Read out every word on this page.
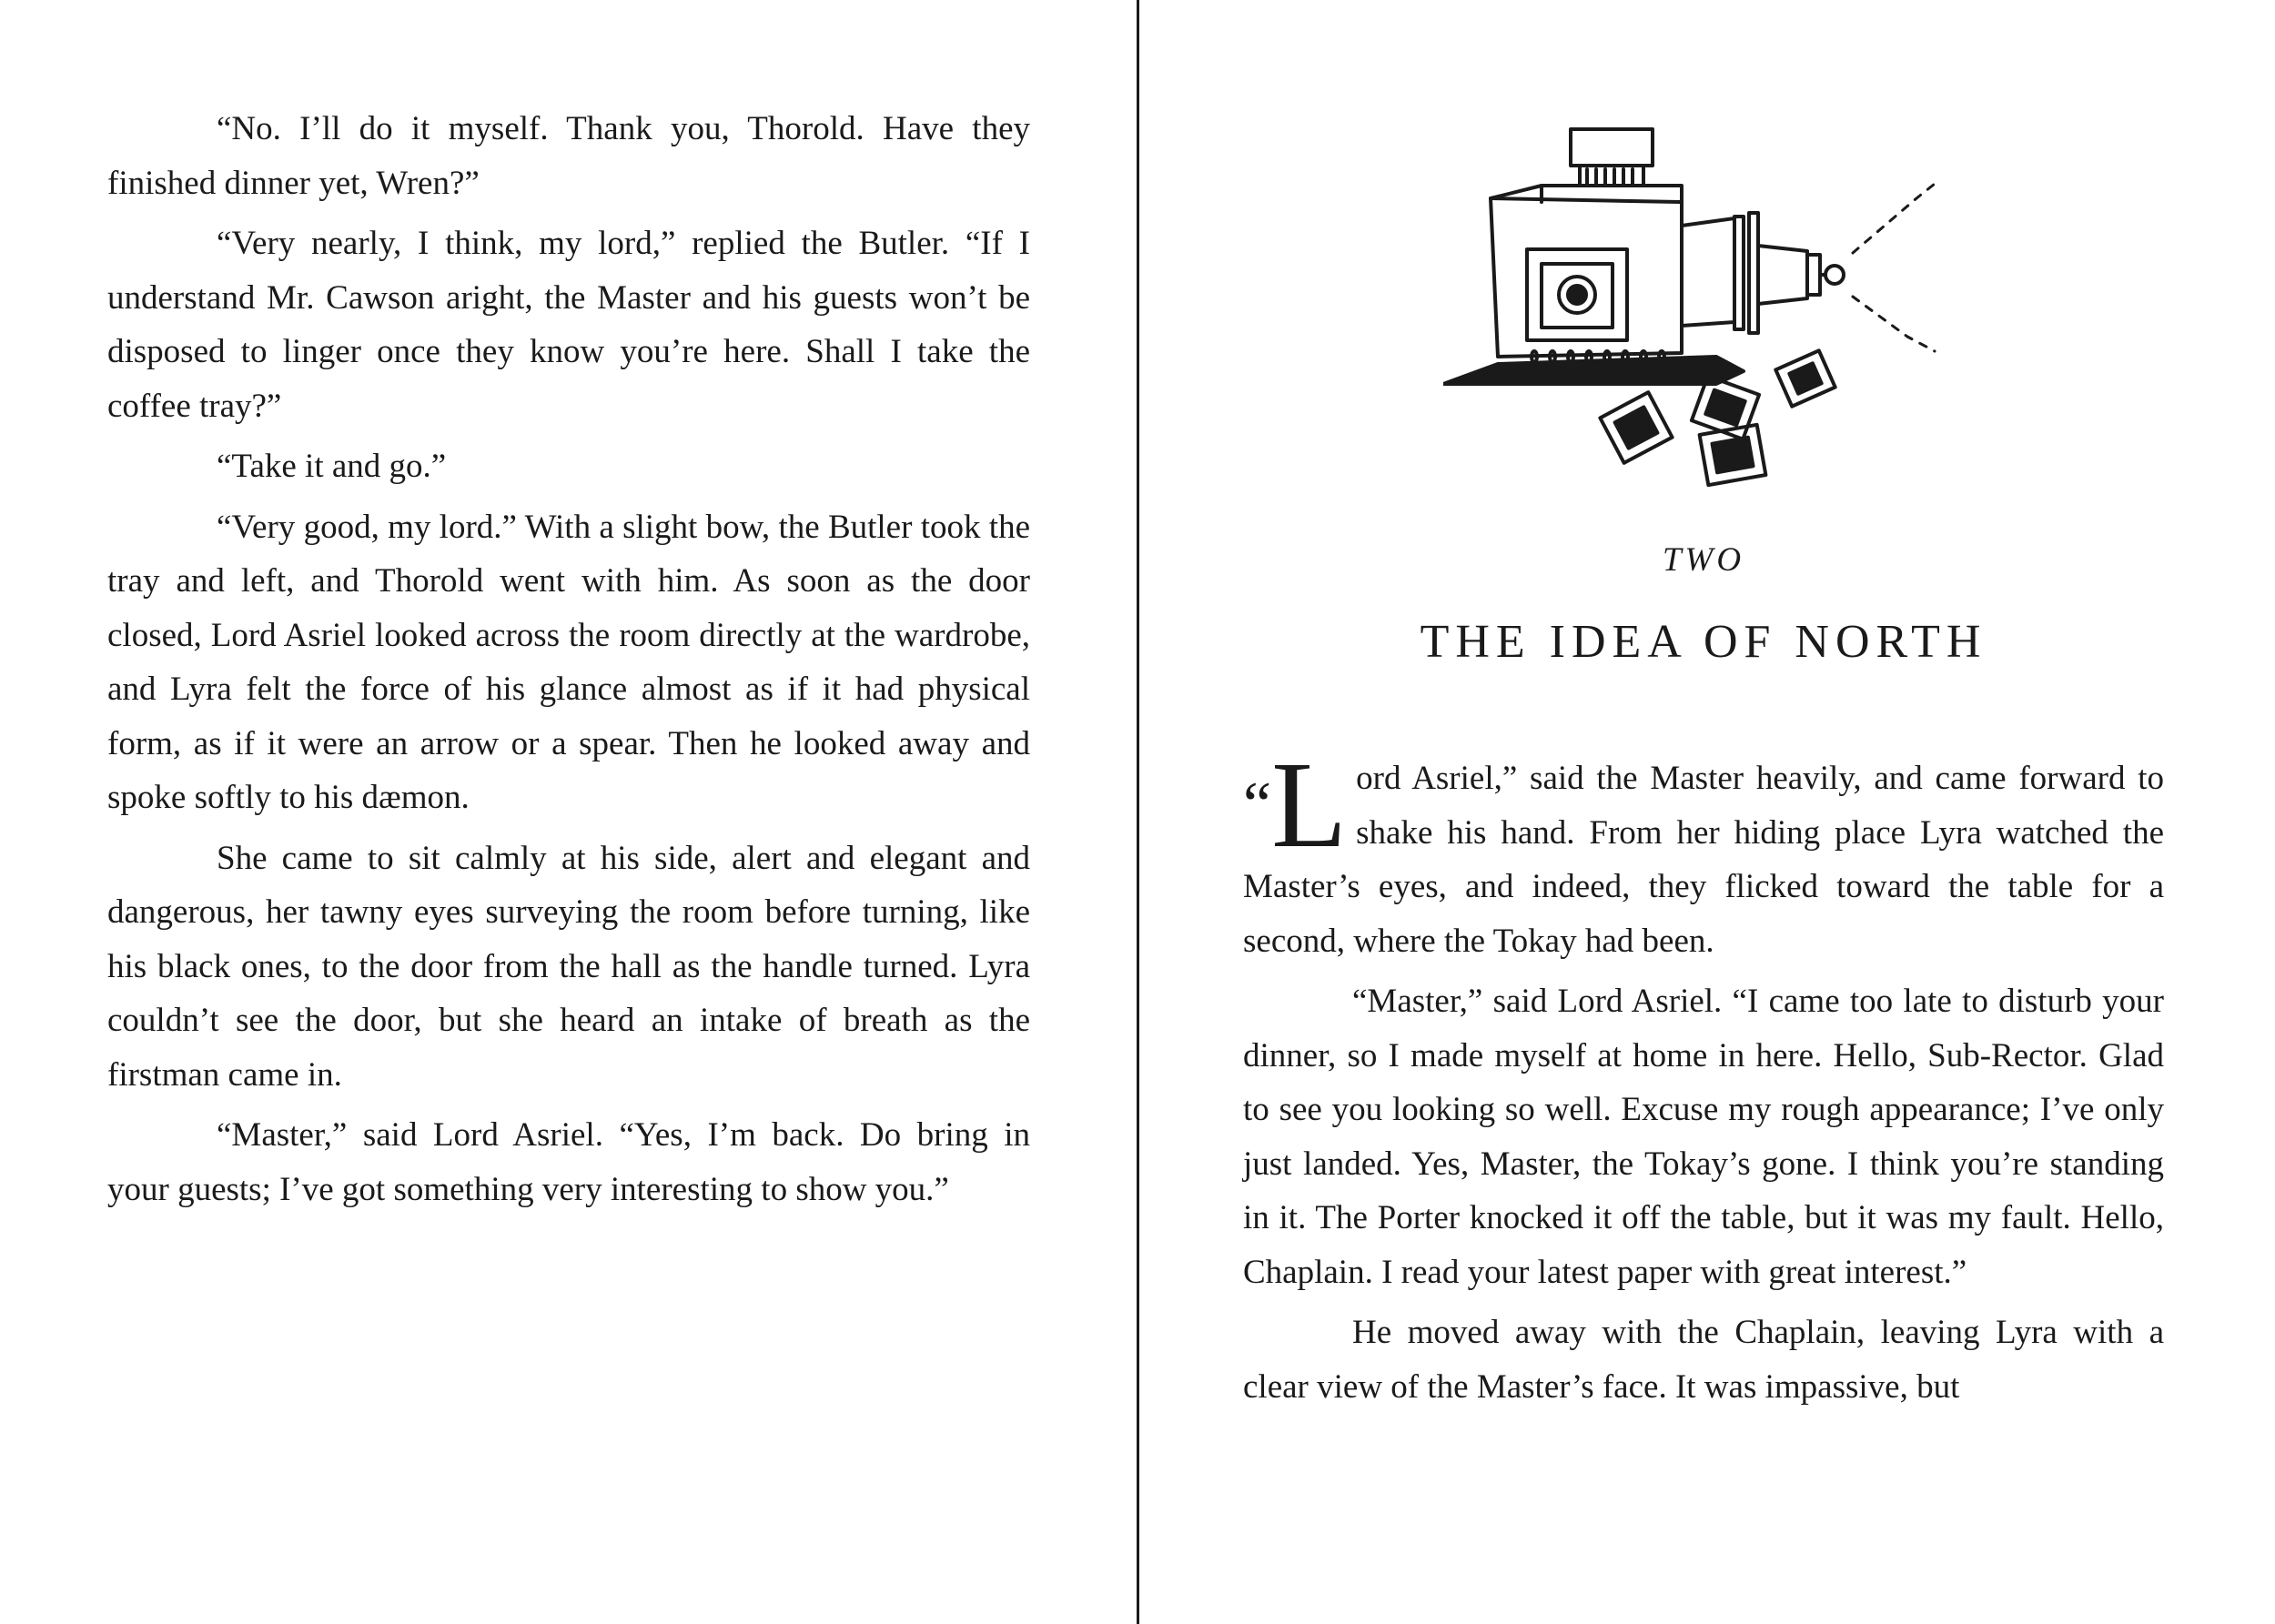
“No. I’ll do it myself. Thank you, Thorold. Have they finished dinner yet, Wren?”

“Very nearly, I think, my lord,” replied the Butler. “If I understand Mr. Cawson aright, the Master and his guests won’t be disposed to linger once they know you’re here. Shall I take the coffee tray?”

“Take it and go.”

“Very good, my lord.” With a slight bow, the Butler took the tray and left, and Thorold went with him. As soon as the door closed, Lord Asriel looked across the room directly at the wardrobe, and Lyra felt the force of his glance almost as if it had physical form, as if it were an arrow or a spear. Then he looked away and spoke softly to his dæmon.

She came to sit calmly at his side, alert and elegant and dangerous, her tawny eyes surveying the room before turning, like his black ones, to the door from the hall as the handle turned. Lyra couldn’t see the door, but she heard an intake of breath as the firstman came in.

“Master,” said Lord Asriel. “Yes, I’m back. Do bring in your guests; I’ve got something very interesting to show you.”

TWO
THE IDEA OF NORTH

“ L ord Asriel,” said the Master heavily, and came forward to shake his hand. From her hiding place Lyra watched the Master’s eyes, and indeed, they flicked toward the table for a second, where the Tokay had been.

“Master,” said Lord Asriel. “I came too late to disturb your dinner, so I made myself at home in here. Hello, Sub-Rector. Glad to see you looking so well. Excuse my rough appearance; I’ve only just landed. Yes, Master, the Tokay’s gone. I think you’re standing in it. The Porter knocked it off the table, but it was my fault. Hello, Chaplain. I read your latest paper with great interest.”

He moved away with the Chaplain, leaving Lyra with a clear view of the Master’s face. It was impassive, but
